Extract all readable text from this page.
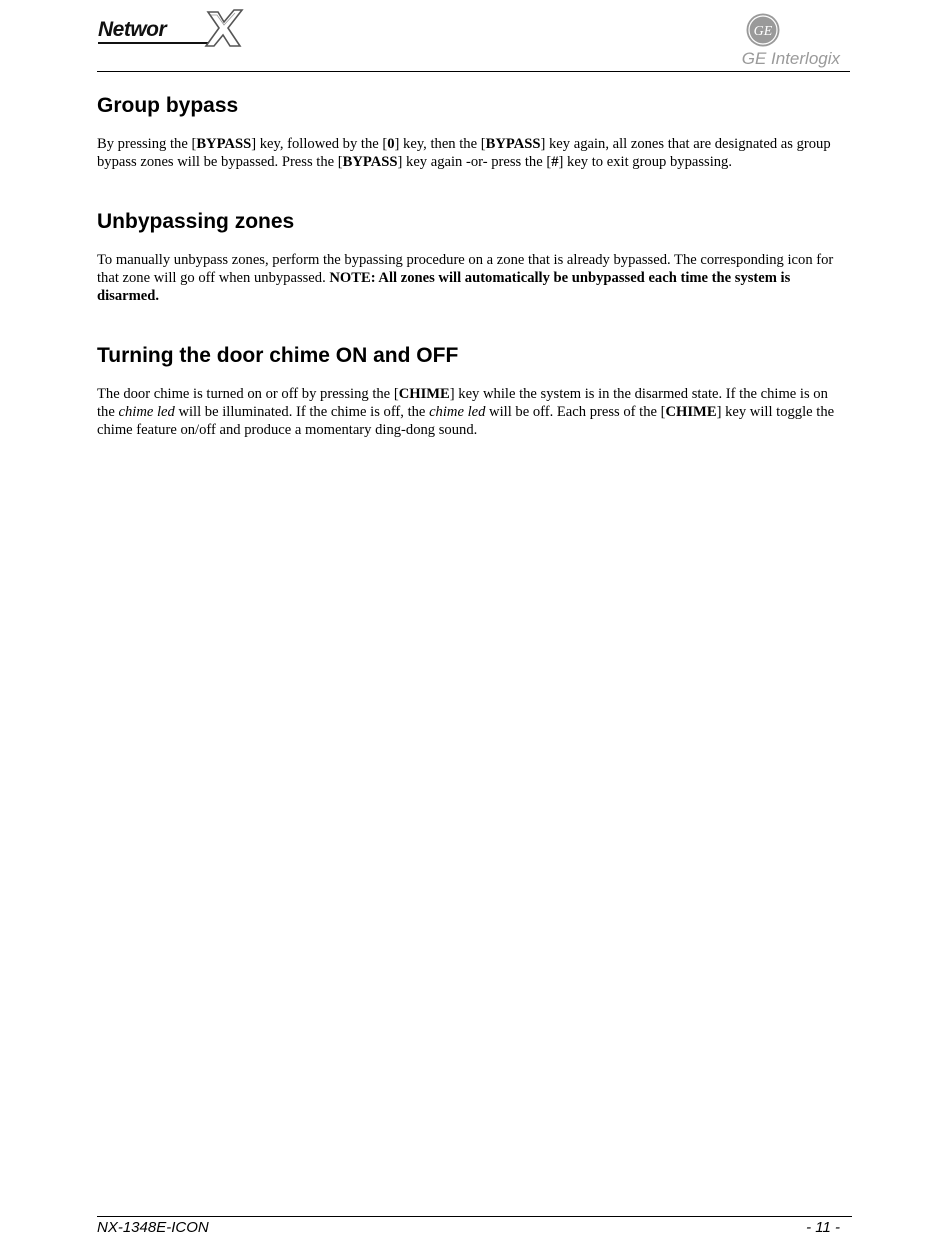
Networ	GE
GE Interlogix
Group bypass

By pressing the [BYPASS] key, followed by the [0] key, then the [BYPASS] key again, all zones that are designated as group bypass zones will be bypassed. Press the [BYPASS] key again -or- press the [#] key to exit group bypassing.

Unbypassing zones

To manually unbypass zones, perform the bypassing procedure on a zone that is already bypassed. The corresponding icon for that zone will go off when unbypassed. NOTE: All zones will automatically be unbypassed each time the system is disarmed.

Turning the door chime ON and OFF

The door chime is turned on or off by pressing the [CHIME] key while the system is in the disarmed state. If the chime is on the chime led will be illuminated. If the chime is off, the chime led will be off. Each press of the [CHIME] key will toggle the chime feature on/off and produce a momentary ding-dong sound.

NX-1348E-ICON	- 11 -
